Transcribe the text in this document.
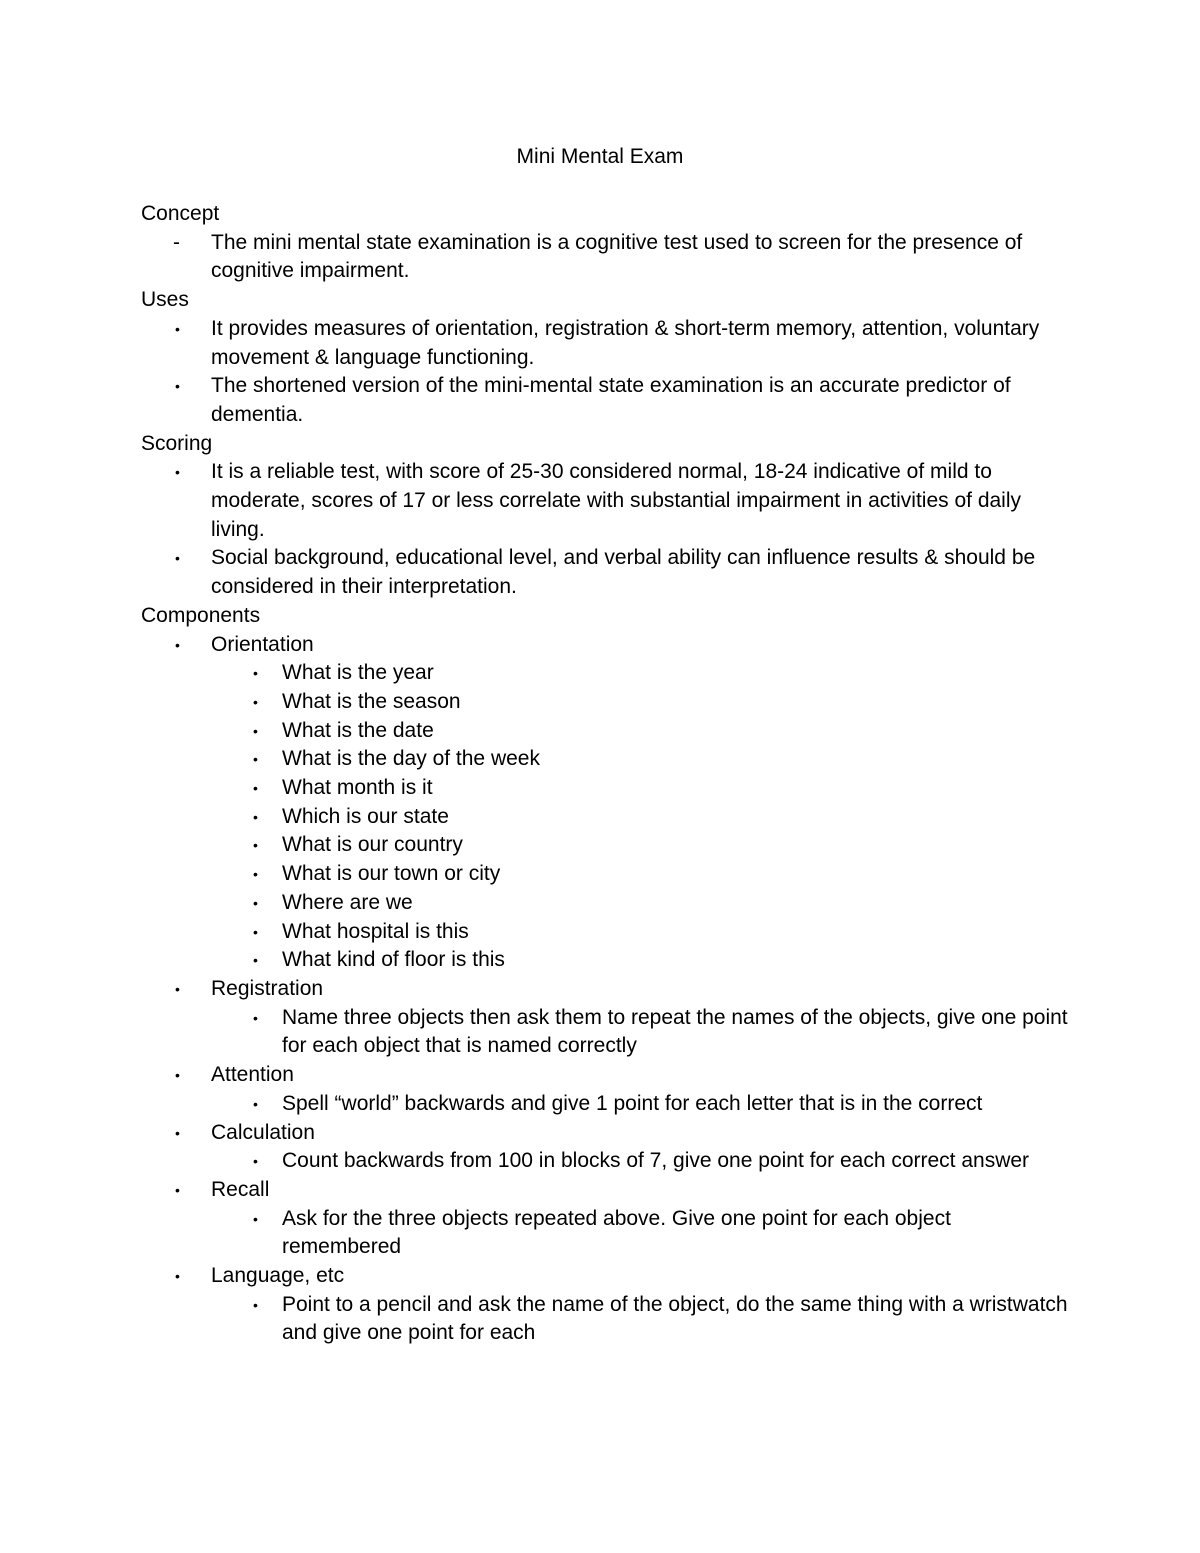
Mini Mental Exam
Concept
-	The mini mental state examination is a cognitive test used to screen for the presence of cognitive impairment.
Uses
•	It provides measures of orientation, registration & short-term memory, attention, voluntary movement & language functioning.
•	The shortened version of the mini-mental state examination is an accurate predictor of dementia.
Scoring
•	It is a reliable test, with score of 25-30 considered normal, 18-24 indicative of mild to moderate, scores of 17 or less correlate with substantial impairment in activities of daily living.
•	Social background, educational level, and verbal ability can influence results & should be considered in their interpretation.
Components
•	Orientation
•	What is the year
•	What is the season
•	What is the date
•	What is the day of the week
•	What month is it
•	Which is our state
•	What is our country
•	What is our town or city
•	Where are we
•	What hospital is this
•	What kind of floor is this
•	Registration
•	Name three objects then ask them to repeat the names of the objects, give one point for each object that is named correctly
•	Attention
•	Spell “world” backwards and give 1 point for each letter that is in the correct
•	Calculation
•	Count backwards from 100 in blocks of 7, give one point for each correct answer
•	Recall
•	Ask for the three objects repeated above. Give one point for each object remembered
•	Language, etc
•	Point to a pencil and ask the name of the object, do the same thing with a wristwatch and give one point for each
